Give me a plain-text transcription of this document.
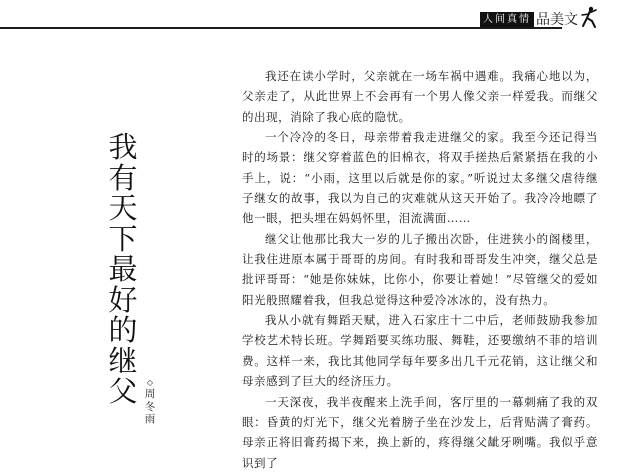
人间真情 品美文
我有天下最好的继父	◇
周冬雨

我还在读小学时，父亲就在一场车祸中遇难。我痛心地以为，父亲走了，从此世界上不会再有一个男人像父亲一样爱我。而继父的出现，消除了我心底的隐忧。

一个冷冷的冬日，母亲带着我走进继父的家。我至今还记得当时的场景：继父穿着蓝色的旧棉衣，将双手搓热后紧紧捂在我的小手上，说：“小雨，这里以后就是你的家。”听说过太多继父虐待继子继女的故事，我以为自己的灾难就从这天开始了。我冷冷地瞟了他一眼，把头埋在妈妈怀里，泪流满面……

继父让他那比我大一岁的儿子搬出次卧，住进狭小的阁楼里，让我住进原本属于哥哥的房间。有时我和哥哥发生冲突，继父总是批评哥哥：“她是你妹妹，比你小，你要让着她！”尽管继父的爱如阳光般照耀着我，但我总觉得这种爱冷冰冰的，没有热力。

我从小就有舞蹈天赋，进入石家庄十二中后，老师鼓励我参加学校艺术特长班。学舞蹈要买练功服、舞鞋，还要缴纳不菲的培训费。这样一来，我比其他同学每年要多出几千元花销，这让继父和母亲感到了巨大的经济压力。

一天深夜，我半夜醒来上洗手间，客厅里的一幕刺痛了我的双眼：昏黄的灯光下，继父光着膀子坐在沙发上，后背贴满了膏药。母亲正将旧膏药揭下来，换上新的，疼得继父龇牙咧嘴。我似乎意识到了
